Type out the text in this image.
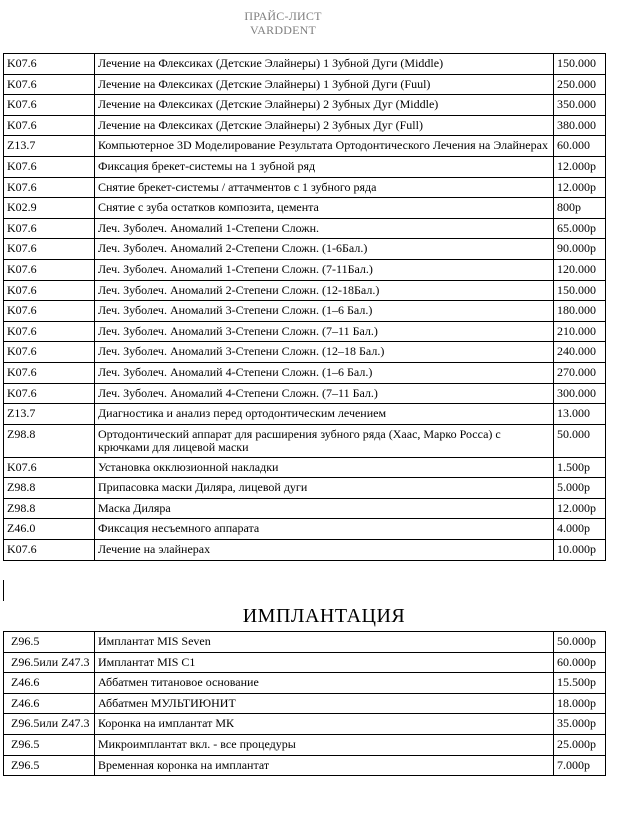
ПРАЙС-ЛИСТ
VARDDENT
K07.6	Лечение на Флексиках (Детские Элайнеры) 1 Зубной Дуги (Middle)	150.000
K07.6	Лечение на Флексиках (Детские Элайнеры) 1 Зубной Дуги (Fuul)	250.000
K07.6	Лечение на Флексиках (Детские Элайнеры) 2 Зубных Дуг (Middle)	350.000
K07.6	Лечение на Флексиках (Детские Элайнеры) 2 Зубных Дуг (Full)	380.000
Z13.7	Компьютерное 3D Моделирование Результата Ортодонтического Лечения на Элайнерах	60.000
K07.6	Фиксация брекет-системы на 1 зубной ряд	12.000р
K07.6	Снятие брекет-системы / аттачментов с 1 зубного ряда	12.000р
K02.9	Снятие с зуба остатков композита, цемента	800р
K07.6	Леч. Зуболеч. Аномалий 1-Степени Сложн.	65.000р
K07.6	Леч. Зуболеч. Аномалий 2-Степени Сложн. (1-6Бал.)	90.000р
K07.6	Леч. Зуболеч. Аномалий 1-Степени Сложн. (7-11Бал.)	120.000
K07.6	Леч. Зуболеч. Аномалий 2-Степени Сложн. (12-18Бал.)	150.000
K07.6	Леч. Зуболеч. Аномалий 3-Степени Сложн. (1–6 Бал.)	180.000
K07.6	Леч. Зуболеч. Аномалий 3-Степени Сложн. (7–11 Бал.)	210.000
K07.6	Леч. Зуболеч. Аномалий 3-Степени Сложн. (12–18 Бал.)	240.000
K07.6	Леч. Зуболеч. Аномалий 4-Степени Сложн. (1–6 Бал.)	270.000
K07.6	Леч. Зуболеч. Аномалий 4-Степени Сложн. (7–11 Бал.)	300.000
Z13.7	Диагностика и анализ перед ортодонтическим лечением	13.000
Z98.8	Ортодонтический аппарат для расширения зубного ряда (Хаас, Марко Росса) с крючками для лицевой маски	50.000
K07.6	Установка окклюзионной накладки	1.500р
Z98.8	Припасовка маски Диляра, лицевой дуги	5.000р
Z98.8	Маска Диляра	12.000р
Z46.0	Фиксация несъемного аппарата	4.000р
K07.6	Лечение на элайнерах	10.000р
ИМПЛАНТАЦИЯ
Z96.5	Имплантат MIS Seven	50.000р
Z96.5или Z47.3	Имплантат MIS C1	60.000р
Z46.6	Аббатмен титановое основание	15.500р
Z46.6	Аббатмен МУЛЬТИЮНИТ	18.000р
Z96.5или Z47.3	Коронка на имплантат МК	35.000р
Z96.5	Микроимплантат вкл. - все процедуры	25.000р
Z96.5	Временная коронка на имплантат	7.000р
